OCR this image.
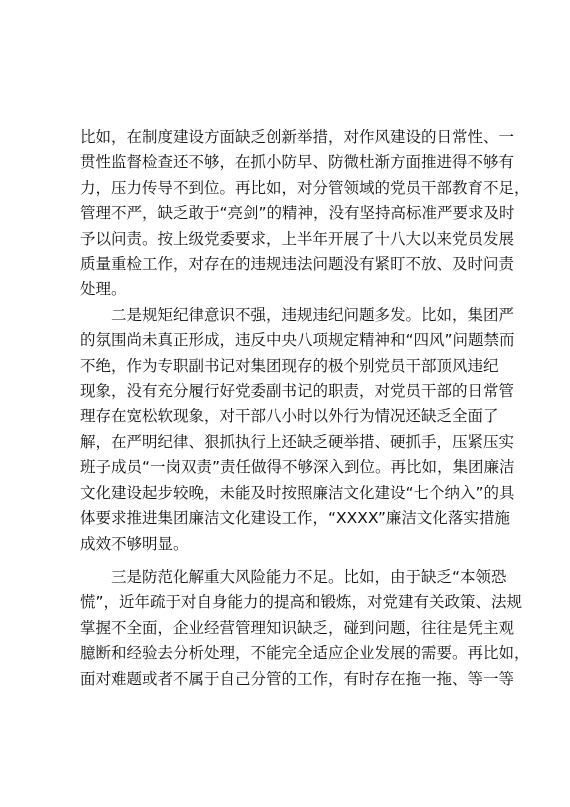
比如，在制度建设方面缺乏创新举措，对作风建设的日常性、一
贯性监督检查还不够，在抓小防早、防微杜渐方面推进得不够有
力，压力传导不到位。再比如，对分管领域的党员干部教育不足，
管理不严，缺乏敢于“亮剑”的精神，没有坚持高标准严要求及时
予以问责。按上级党委要求，上半年开展了十八大以来党员发展
质量重检工作，对存在的违规违法问题没有紧盯不放、及时问责
处理。
二是规矩纪律意识不强，违规违纪问题多发。比如，集团严
的氛围尚未真正形成，违反中央八项规定精神和“四风”问题禁而
不绝，作为专职副书记对集团现存的极个别党员干部顶风违纪
现象，没有充分履行好党委副书记的职责，对党员干部的日常管
理存在宽松软现象，对干部八小时以外行为情况还缺乏全面了
解，在严明纪律、狠抓执行上还缺乏硬举措、硬抓手，压紧压实
班子成员“一岗双责”责任做得不够深入到位。再比如，集团廉洁
文化建设起步较晚，未能及时按照廉洁文化建设“七个纳入”的具
体要求推进集团廉洁文化建设工作，“XXXX”廉洁文化落实措施
成效不够明显。
三是防范化解重大风险能力不足。比如，由于缺乏“本领恐
慌”，近年疏于对自身能力的提高和锻炼，对党建有关政策、法规
掌握不全面，企业经营管理知识缺乏，碰到问题，往往是凭主观
臆断和经验去分析处理，不能完全适应企业发展的需要。再比如，
面对难题或者不属于自己分管的工作，有时存在拖一拖、等一等
